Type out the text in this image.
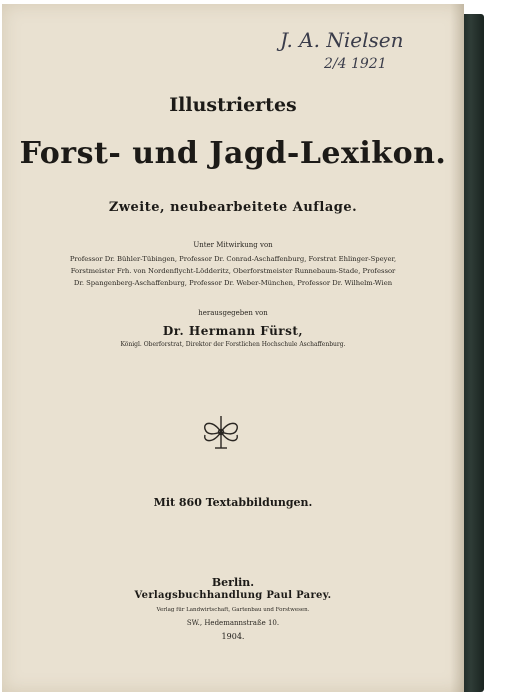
J. A. Nielsen
2/4 1921
Illustriertes
Forst- und Jagd-Lexikon.
Zweite, neubearbeitete Auflage.
Unter Mitwirkung von
Professor Dr. Bühler-Tübingen, Professor Dr. Conrad-Aschaffenburg, Forstrat Ehlinger-Speyer,
Forstmeister Frh. von Nordenflycht-Lödderitz, Oberforstmeister Runnebaum-Stade, Professor
Dr. Spangenberg-Aschaffenburg, Professor Dr. Weber-München, Professor Dr. Wilhelm-Wien
herausgegeben von
Dr. Hermann Fürst,
Königl. Oberforstrat, Direktor der Forstlichen Hochschule Aschaffenburg.
Mit 860 Textabbildungen.
Berlin.
Verlagsbuchhandlung Paul Parey.
Verlag für Landwirtschaft, Gartenbau und Forstwesen.
SW., Hedemannstraße 10.
1904.
